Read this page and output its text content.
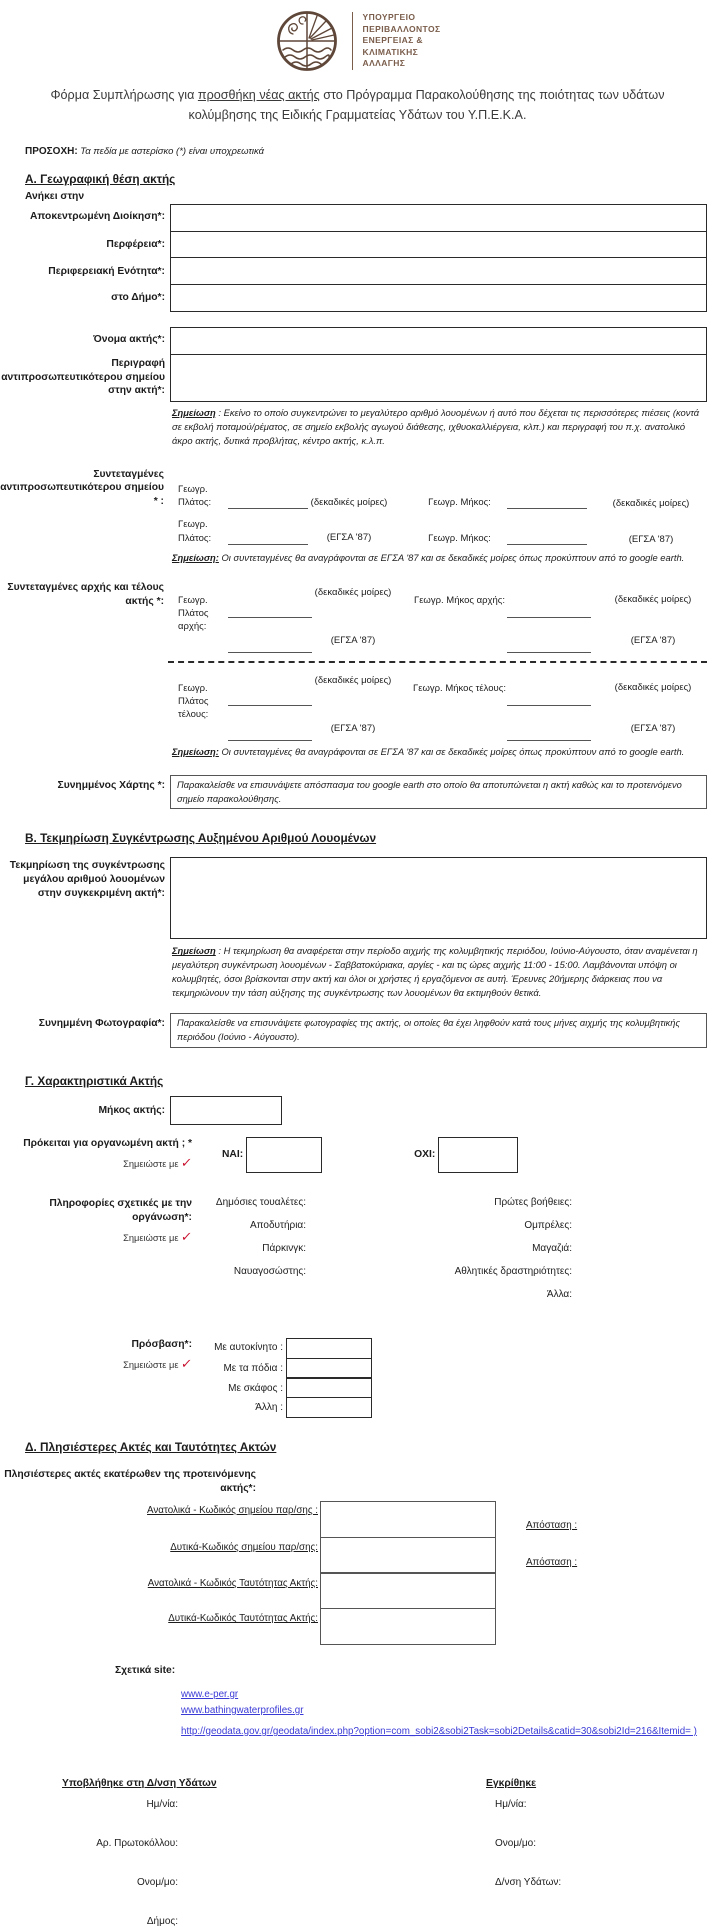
ΥΠΟΥΡΓΕΙΟ
ΠΕΡΙΒΑΛΛΟΝΤΟΣ
ΕΝΕΡΓΕΙΑΣ &
ΚΛΙΜΑΤΙΚΗΣ
ΑΛΛΑΓΗΣ
Φόρμα Συμπλήρωσης για προσθήκη νέας ακτής στο Πρόγραμμα Παρακολούθησης της ποιότητας των υδάτων κολύμβησης της Ειδικής Γραμματείας Υδάτων του Υ.Π.Ε.Κ.Α.
ΠΡΟΣΟΧΗ: Τα πεδία με αστερίσκο (*) είναι υποχρεωτικά
Α. Γεωγραφική θέση ακτής
Ανήκει στην
Αποκεντρωμένη Διοίκηση*:
Περφέρεια*:
Περιφερειακή Ενότητα*:
στο Δήμο*:
Όνομα ακτής*:
Περιγραφή αντιπροσωπευτικότερου σημείου στην ακτή*:

Σημείωση : Εκείνο το οποίο συγκεντρώνει το μεγαλύτερο αριθμό λουομένων ή αυτό που δέχεται τις περισσότερες πιέσεις (κοντά σε εκβολή ποταμού/ρέματος, σε σημείο εκβολής αγωγού διάθεσης, ιχθυοκαλλιέργεια, κλπ.) και περιγραφή του π.χ. ανατολικό άκρο ακτής, δυτικά προβλήτας, κέντρο ακτής, κ.λ.π.

Συντεταγμένες αντιπροσωπευτικότερου σημείου * :
Γεωγρ. Πλάτος:	(δεκαδικές μοίρες)	Γεωγρ. Μήκος:	(δεκαδικές μοίρες)
Γεωγρ. Πλάτος:	(ΕΓΣΑ '87)	Γεωγρ. Μήκος:	(ΕΓΣΑ '87)

Σημείωση: Οι συντεταγμένες θα αναγράφονται σε ΕΓΣΑ '87 και σε δεκαδικές μοίρες όπως προκύπτουν από το google earth.

Συντεταγμένες αρχής και τέλους ακτής *:	Γεωγρ. Πλάτος αρχής:
(δεκαδικές μοίρες)
(ΕΓΣΑ '87)
Γεωγρ. Μήκος αρχής:	(δεκαδικές μοίρες)
(ΕΓΣΑ '87)
Γεωγρ. Πλάτος τέλους:
(δεκαδικές μοίρες)
(ΕΓΣΑ '87)
Γεωγρ. Μήκος τέλους:	(δεκαδικές μοίρες)
(ΕΓΣΑ '87)

Σημείωση: Οι συντεταγμένες θα αναγράφονται σε ΕΓΣΑ '87 και σε δεκαδικές μοίρες όπως προκύπτουν από το google earth.

Συνημμένος Χάρτης *:	Παρακαλείσθε να επισυνάψετε απόσπασμα του google earth στο οποίο θα αποτυπώνεται η ακτή καθώς και το προτεινόμενο σημείο παρακολούθησης.
Β. Τεκμηρίωση Συγκέντρωσης Αυξημένου Αριθμού Λουομένων
Τεκμηρίωση της συγκέντρωσης μεγάλου αριθμού λουομένων στην συγκεκριμένη ακτή*:

Σημείωση : Η τεκμηρίωση θα αναφέρεται στην περίοδο αιχμής της κολυμβητικής περιόδου, Ιούνιο-Αύγουστο, όταν αναμένεται η μεγαλύτερη συγκέντρωση λουομένων - Σαββατοκύριακα, αργίες - και τις ώρες αιχμής 11:00 - 15:00. Λαμβάνονται υπόψη οι κολυμβητές, όσοι βρίσκονται στην ακτή και όλοι οι χρήστες ή εργαζόμενοι σε αυτή. Έρευνες 20ήμερης διάρκειας που να τεκμηριώνουν την τάση αύξησης της συγκέντρωσης των λουομένων θα εκτιμηθούν θετικά.

Συνημμένη Φωτογραφία*:	Παρακαλείσθε να επισυνάψετε φωτογραφίες της ακτής, οι οποίες θα έχει ληφθούν κατά τους μήνες αιχμής της κολυμβητικής περιόδου (Ιούνιο - Αύγουστο).
Γ. Χαρακτηριστικά Ακτής
Μήκος ακτής:
Πρόκειται για οργανωμένη ακτή ; *
Σημειώστε με ✓
ΝΑΙ:	ΟΧΙ:
Πληροφορίες σχετικές με την οργάνωση*:
Σημειώστε με ✓
Δημόσιες τουαλέτες:
Αποδυτήρια:
Πάρκινγκ:
Ναυαγοσώστης:
Πρώτες βοήθειες:
Ομπρέλες:
Μαγαζιά:
Αθλητικές δραστηριότητες:
Άλλα:
Πρόσβαση*:
Σημειώστε με ✓
Με αυτοκίνητο :
Με τα πόδια :
Με σκάφος :
Άλλη :
Δ. Πλησιέστερες Ακτές και Ταυτότητες Ακτών
Πλησιέστερες ακτές εκατέρωθεν της προτεινόμενης ακτής*:
Ανατολικά - Κωδικός σημείου παρ/σης :
Απόσταση :
Δυτικά-Κωδικός σημείου παρ/σης:
Απόσταση :
Ανατολικά - Κωδικός Ταυτότητας Ακτής:
Δυτικά-Κωδικός Ταυτότητας Ακτής:
Σχετικά site:
www.e-per.gr
www.bathingwaterprofiles.gr
http://geodata.gov.gr/geodata/index.php?option=com_sobi2&sobi2Task=sobi2Details&catid=30&sobi2Id=216&Itemid= )
Υποβλήθηκε στη Δ/νση Υδάτων
Ημ/νία:
Αρ. Πρωτοκόλλου:
Ονομ/μο:
Δήμος:
Εγκρίθηκε
Ημ/νία:
Ονομ/μο:
Δ/νση Υδάτων:
